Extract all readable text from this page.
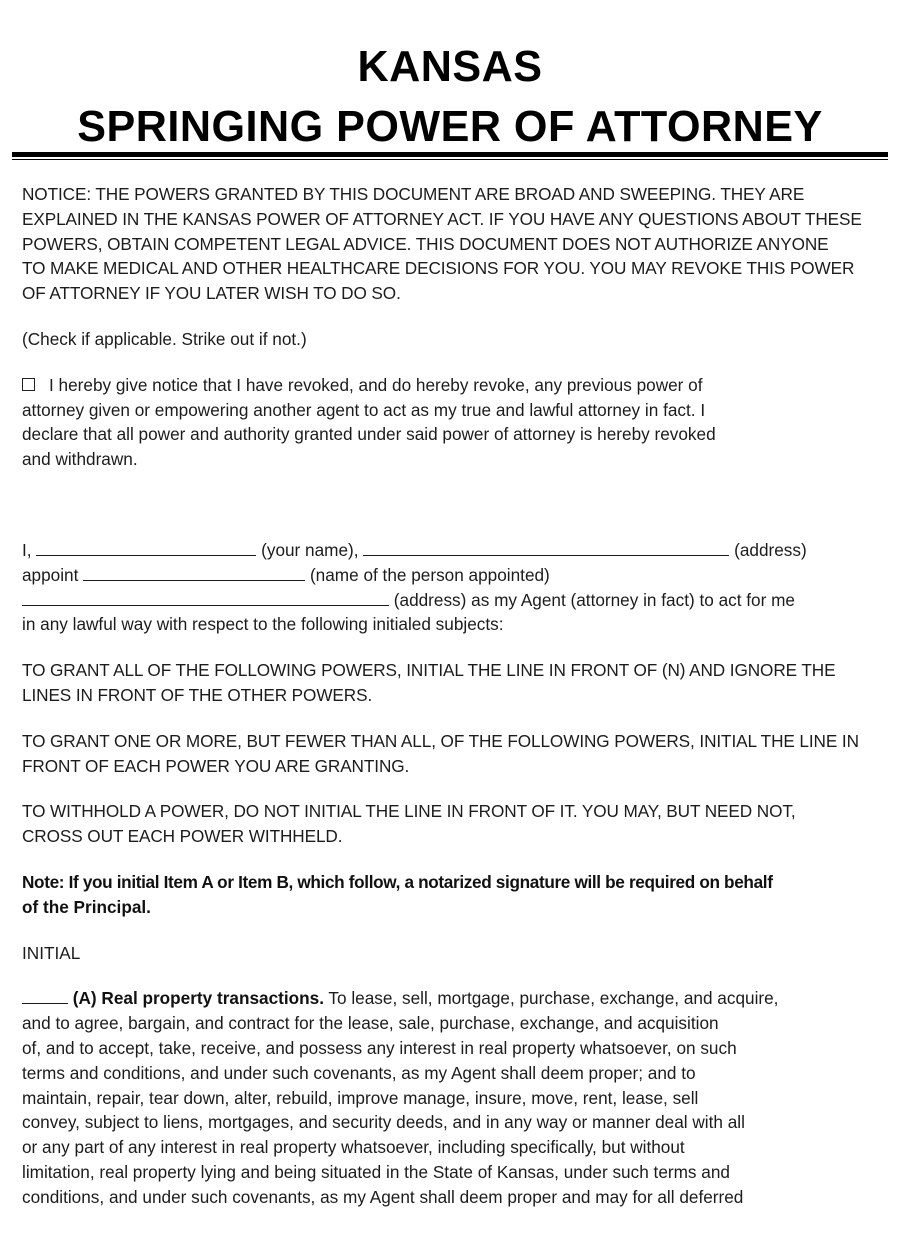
KANSAS
SPRINGING POWER OF ATTORNEY
NOTICE: THE POWERS GRANTED BY THIS DOCUMENT ARE BROAD AND SWEEPING. THEY ARE
EXPLAINED IN THE KANSAS POWER OF ATTORNEY ACT. IF YOU HAVE ANY QUESTIONS ABOUT THESE
POWERS, OBTAIN COMPETENT LEGAL ADVICE. THIS DOCUMENT DOES NOT AUTHORIZE ANYONE
TO MAKE MEDICAL AND OTHER HEALTHCARE DECISIONS FOR YOU. YOU MAY REVOKE THIS POWER
OF ATTORNEY IF YOU LATER WISH TO DO SO.
(Check if applicable. Strike out if not.)
I hereby give notice that I have revoked, and do hereby revoke, any previous power of
attorney given or empowering another agent to act as my true and lawful attorney in fact. I
declare that all power and authority granted under said power of attorney is hereby revoked
and withdrawn.
I,	(your name),	(address)
appoint	(name of the person appointed)
(address) as my Agent (attorney in fact) to act for me
in any lawful way with respect to the following initialed subjects:
TO GRANT ALL OF THE FOLLOWING POWERS, INITIAL THE LINE IN FRONT OF (N) AND IGNORE THE
LINES IN FRONT OF THE OTHER POWERS.
TO GRANT ONE OR MORE, BUT FEWER THAN ALL, OF THE FOLLOWING POWERS, INITIAL THE LINE IN
FRONT OF EACH POWER YOU ARE GRANTING.
TO WITHHOLD A POWER, DO NOT INITIAL THE LINE IN FRONT OF IT. YOU MAY, BUT NEED NOT,
CROSS OUT EACH POWER WITHHELD.
Note: If you initial Item A or Item B, which follow, a notarized signature will be required on behalf
of the Principal.
INITIAL
(A) Real property transactions. To lease, sell, mortgage, purchase, exchange, and acquire,
and to agree, bargain, and contract for the lease, sale, purchase, exchange, and acquisition
of, and to accept, take, receive, and possess any interest in real property whatsoever, on such
terms and conditions, and under such covenants, as my Agent shall deem proper; and to
maintain, repair, tear down, alter, rebuild, improve manage, insure, move, rent, lease, sell
convey, subject to liens, mortgages, and security deeds, and in any way or manner deal with all
or any part of any interest in real property whatsoever, including specifically, but without
limitation, real property lying and being situated in the State of Kansas, under such terms and
conditions, and under such covenants, as my Agent shall deem proper and may for all deferred
